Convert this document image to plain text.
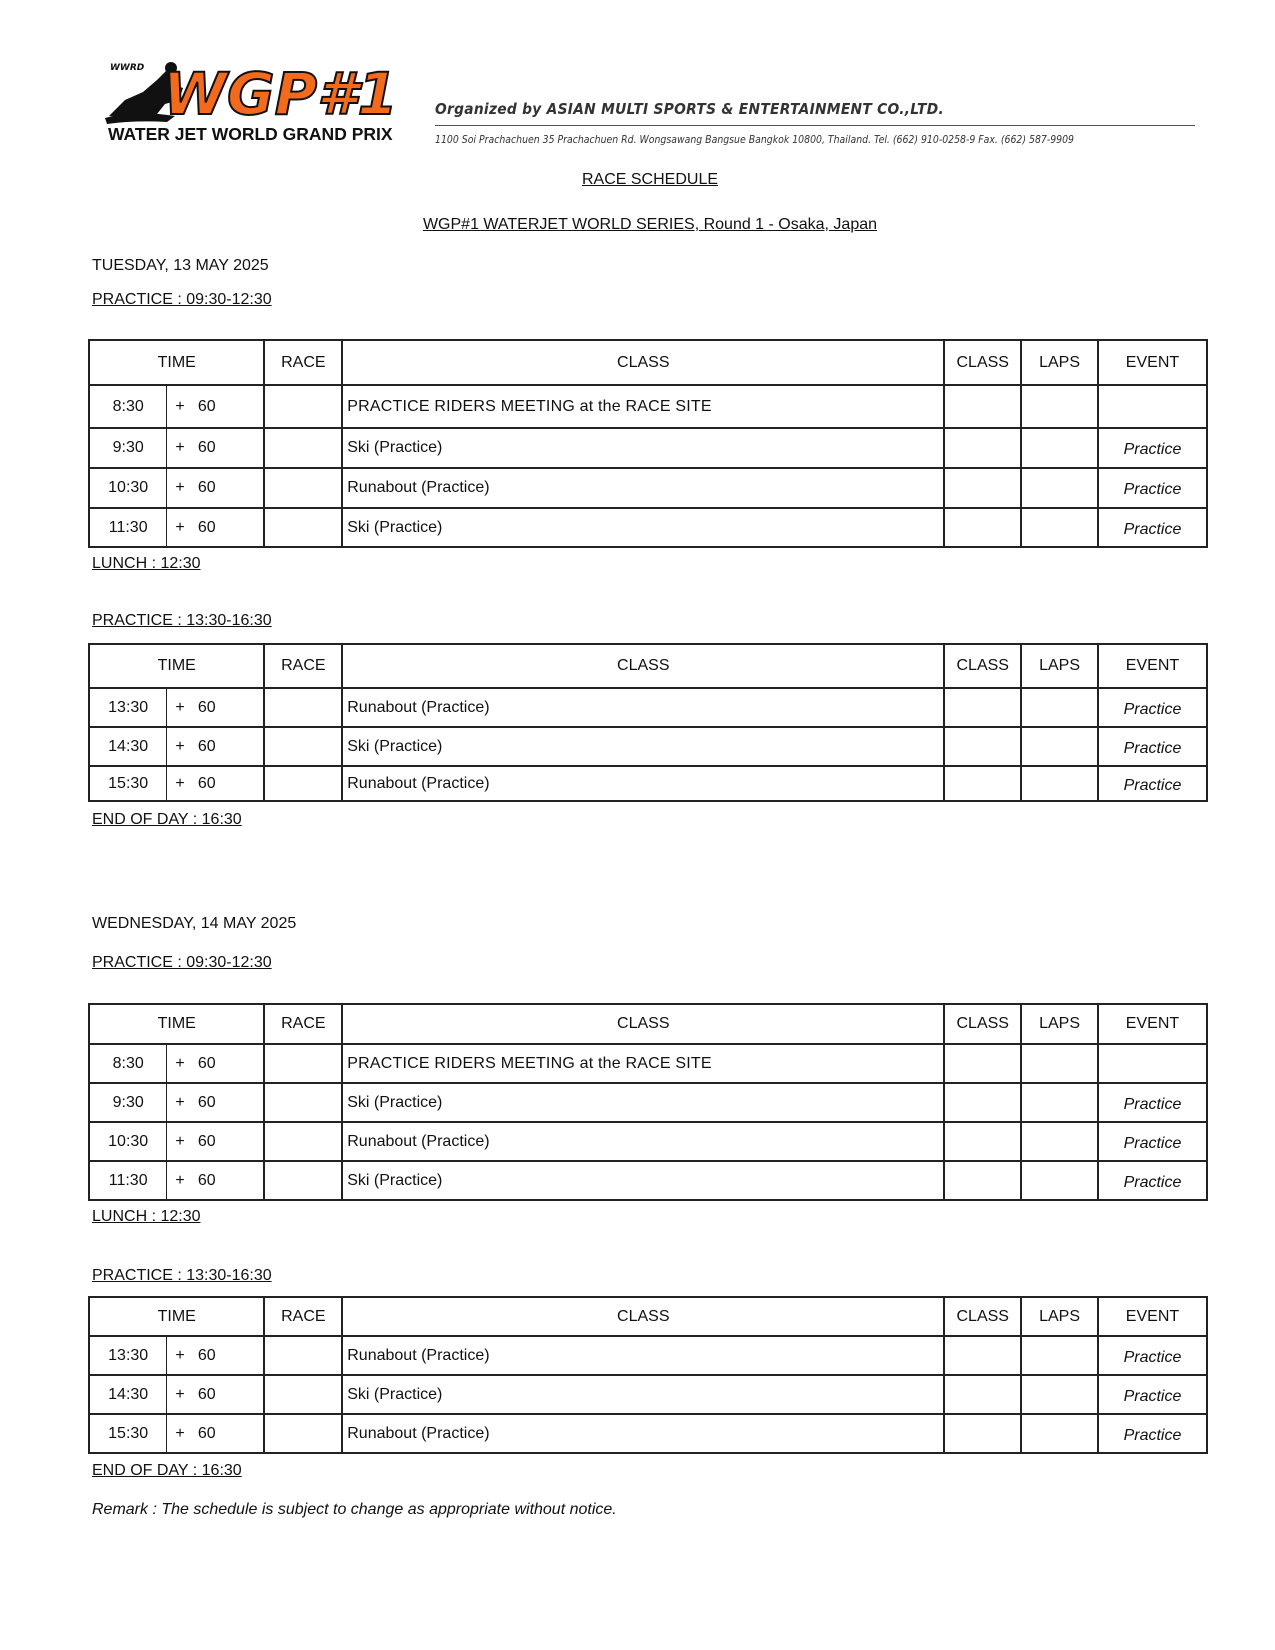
WGP#1
WWRD
WATER JET WORLD GRAND PRIX
Organized by ASIAN MULTI SPORTS & ENTERTAINMENT CO.,LTD.
1100 Soi Prachachuen 35 Prachachuen Rd. Wongsawang Bangsue Bangkok 10800, Thailand. Tel. (662) 910-0258-9 Fax. (662) 587-9909
RACE SCHEDULE
WGP#1 WATERJET WORLD SERIES, Round 1 - Osaka, Japan
TUESDAY, 13 MAY 2025
PRACTICE : 09:30-12:30
TIME			RACE	CLASS	CLASS	LAPS	EVENT
8:30	+	60		PRACTICE RIDERS MEETING at the RACE SITE			
9:30	+	60		Ski (Practice)			Practice
10:30	+	60		Runabout (Practice)			Practice
11:30	+	60		Ski (Practice)			Practice
LUNCH : 12:30
PRACTICE : 13:30-16:30
TIME			RACE	CLASS	CLASS	LAPS	EVENT
13:30	+	60		Runabout (Practice)			Practice
14:30	+	60		Ski (Practice)			Practice
15:30	+	60		Runabout (Practice)			Practice
END OF DAY : 16:30
WEDNESDAY, 14 MAY 2025
PRACTICE : 09:30-12:30
TIME			RACE	CLASS	CLASS	LAPS	EVENT
8:30	+	60		PRACTICE RIDERS MEETING at the RACE SITE			
9:30	+	60		Ski (Practice)			Practice
10:30	+	60		Runabout (Practice)			Practice
11:30	+	60		Ski (Practice)			Practice
LUNCH : 12:30
PRACTICE : 13:30-16:30
TIME			RACE	CLASS	CLASS	LAPS	EVENT
13:30	+	60		Runabout (Practice)			Practice
14:30	+	60		Ski (Practice)			Practice
15:30	+	60		Runabout (Practice)			Practice
END OF DAY : 16:30
Remark : The schedule is subject to change as appropriate without notice.
